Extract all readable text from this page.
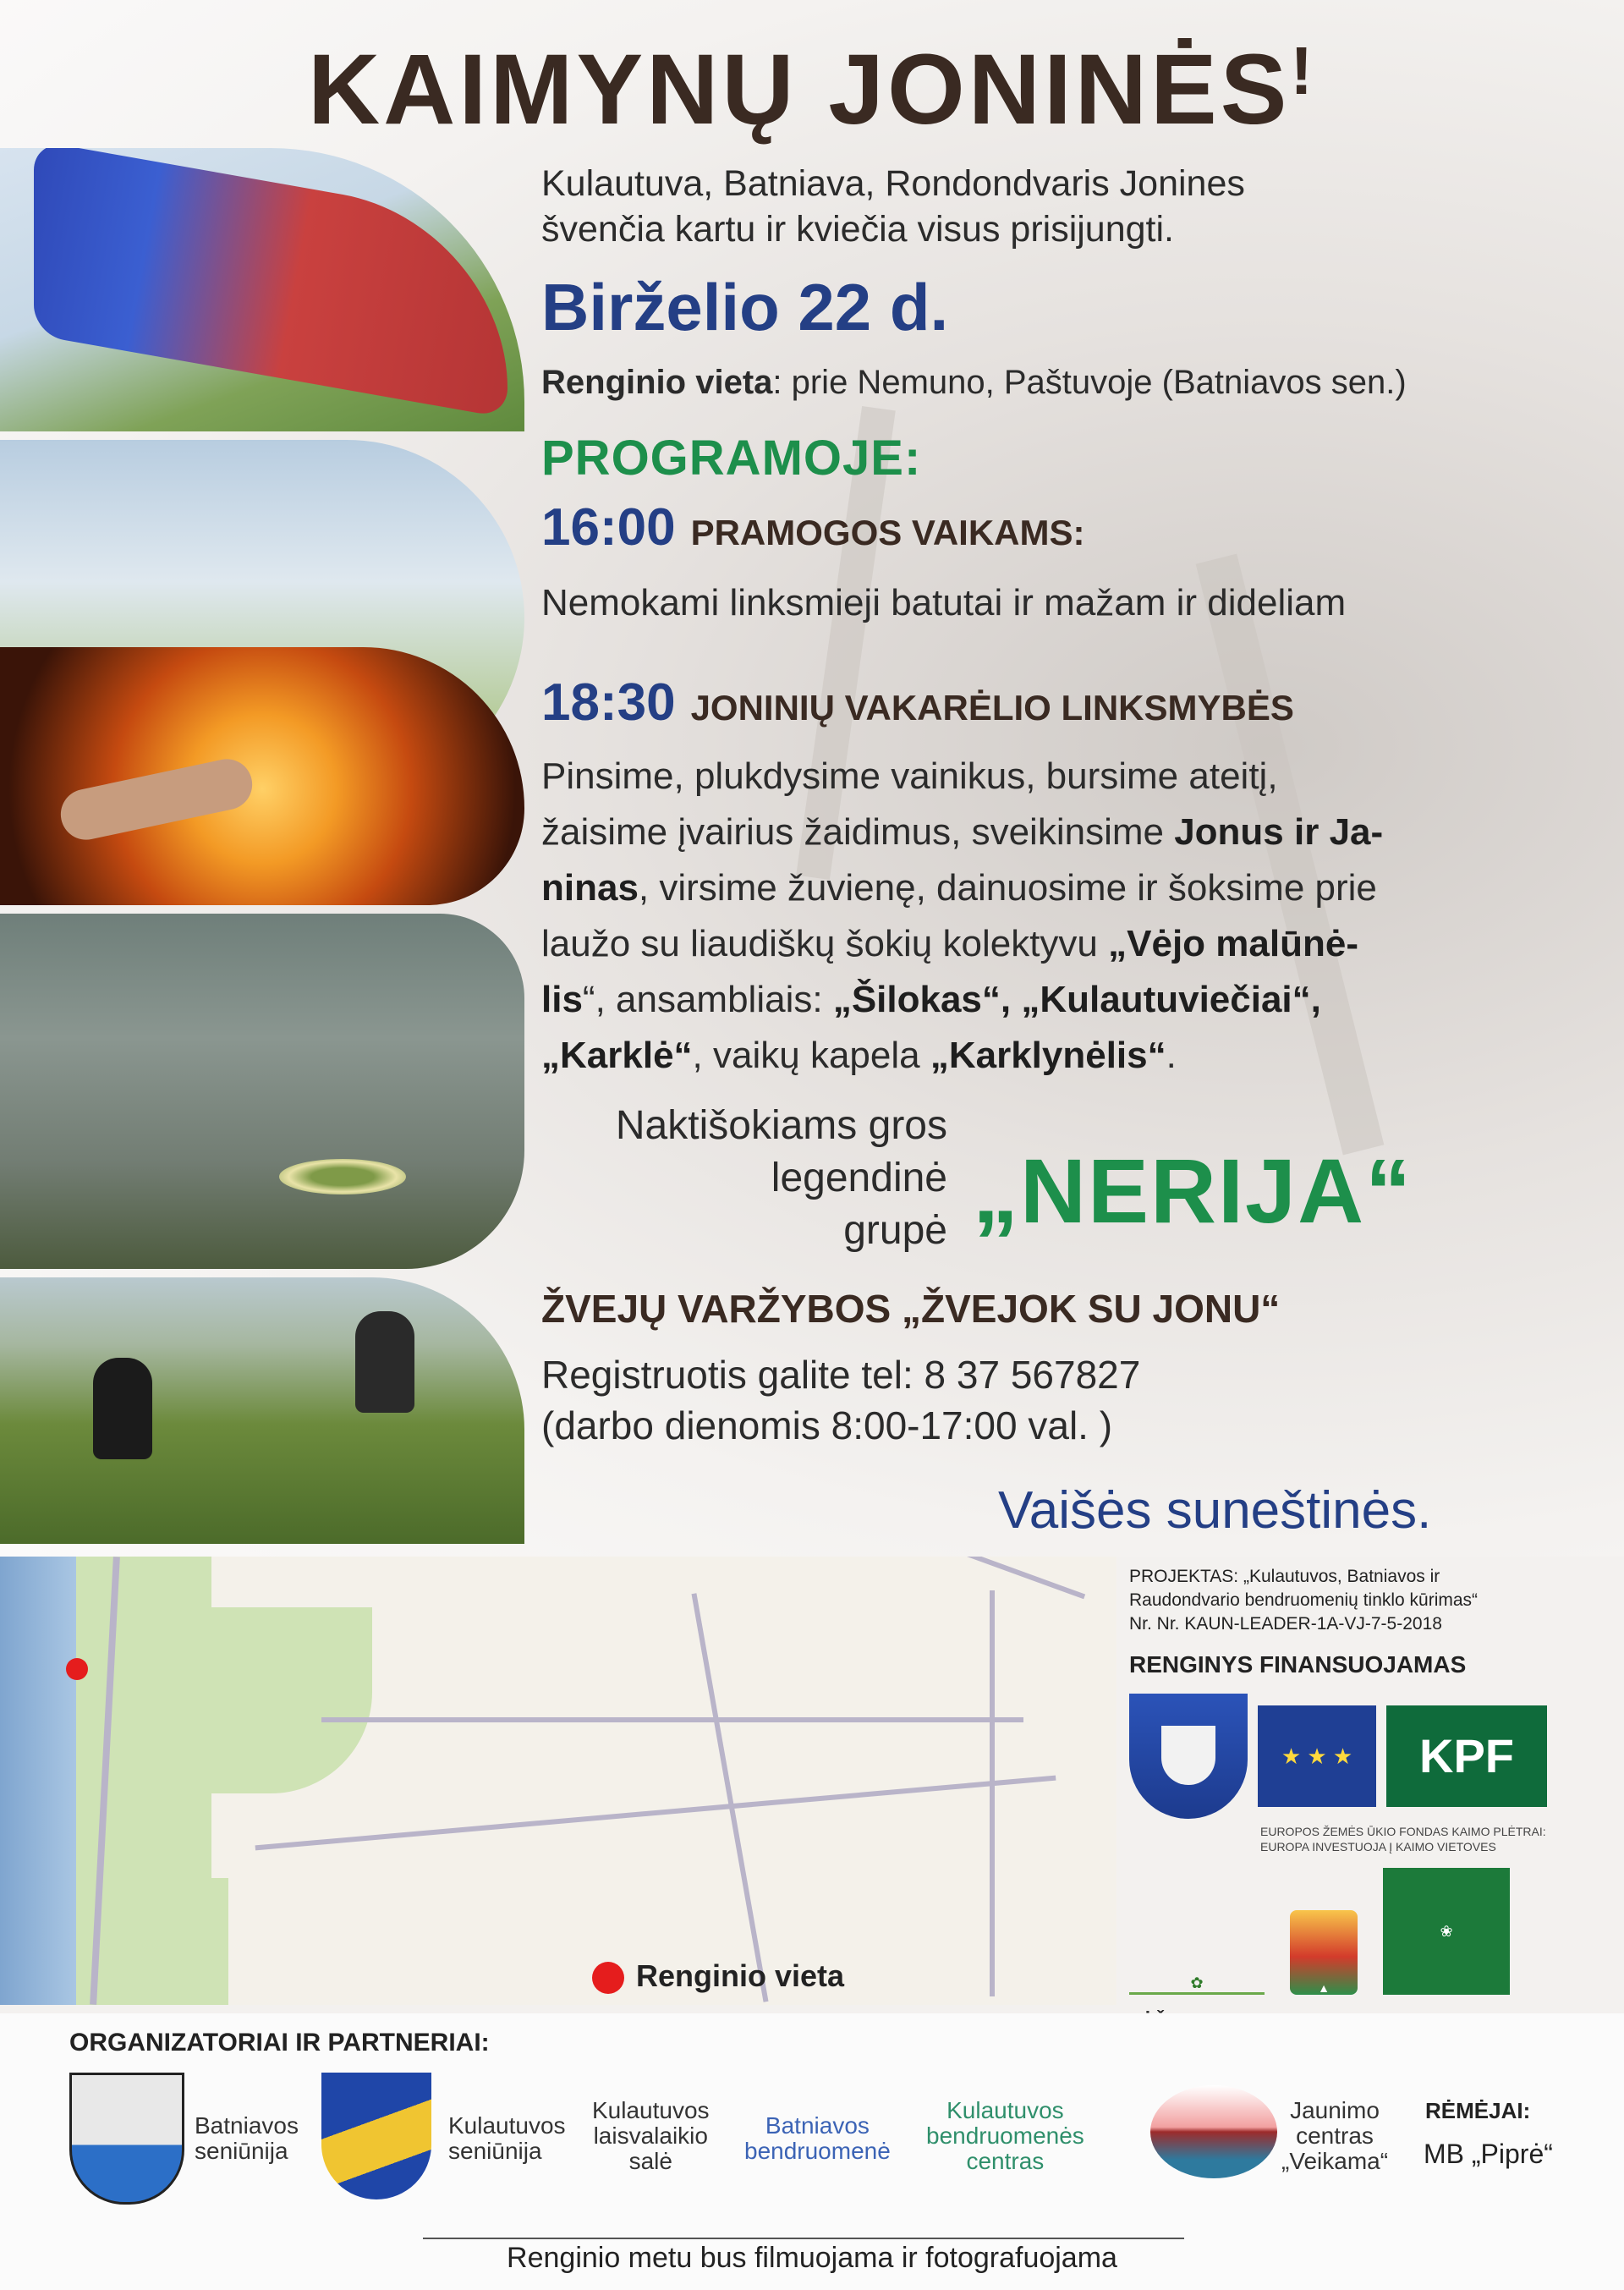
KAIMYNŲ JONINĖS!
Kulautuva, Batniava, Rondondvaris Jonines
švenčia kartu ir kviečia visus prisijungti.
Birželio 22 d.
Renginio vieta: prie Nemuno, Paštuvoje (Batniavos sen.)
PROGRAMOJE:
16:00 PRAMOGOS VAIKAMS:
Nemokami linksmieji batutai ir mažam ir dideliam
18:30 JONINIŲ VAKARĖLIO LINKSMYBĖS
Pinsime, plukdysime vainikus, bursime ateitį,
žaisime įvairius žaidimus, sveikinsime Jonus ir Ja-
ninas, virsime žuvienę, dainuosime ir šoksime prie
laužo su liaudiškų šokių kolektyvu „Vėjo malūnė-
lis“, ansambliais: „Šilokas“, „Kulautuviečiai“,
„Karklė“, vaikų kapela „Karklynėlis“.
Naktišokiams gros
legendinė
grupė „NERIJA“
ŽVEJŲ VARŽYBOS „ŽVEJOK SU JONU“
Registruotis galite tel: 8 37 567827
(darbo dienomis 8:00-17:00 val. )
Vaišės suneštinės.
Renginio vieta
PROJEKTAS: „Kulautuvos, Batniavos ir
Raudondvario bendruomenių tinklo kūrimas“
Nr. Nr. KAUN-LEADER-1A-VJ-7-5-2018
RENGINYS FINANSUOJAMAS
★ ★ ★	KPF
EUROPOS ŽEMĖS ŪKIO FONDAS KAIMO PLĖTRAI:
EUROPA INVESTUOJA Į KAIMO VIETOVES
✿	▲
❀
ORGANIZATORIAI IR PARTNERIAI:
Batniavos
seniūnija
Kulautuvos
seniūnija
Kulautuvos
laisvalaikio
salė
Batniavos
bendruomenė
Kulautuvos
bendruomenės
centras
Jaunimo
centras
„Veikama“
RĖMĖJAI:
MB „Piprė“
Renginio metu bus filmuojama ir fotografuojama
